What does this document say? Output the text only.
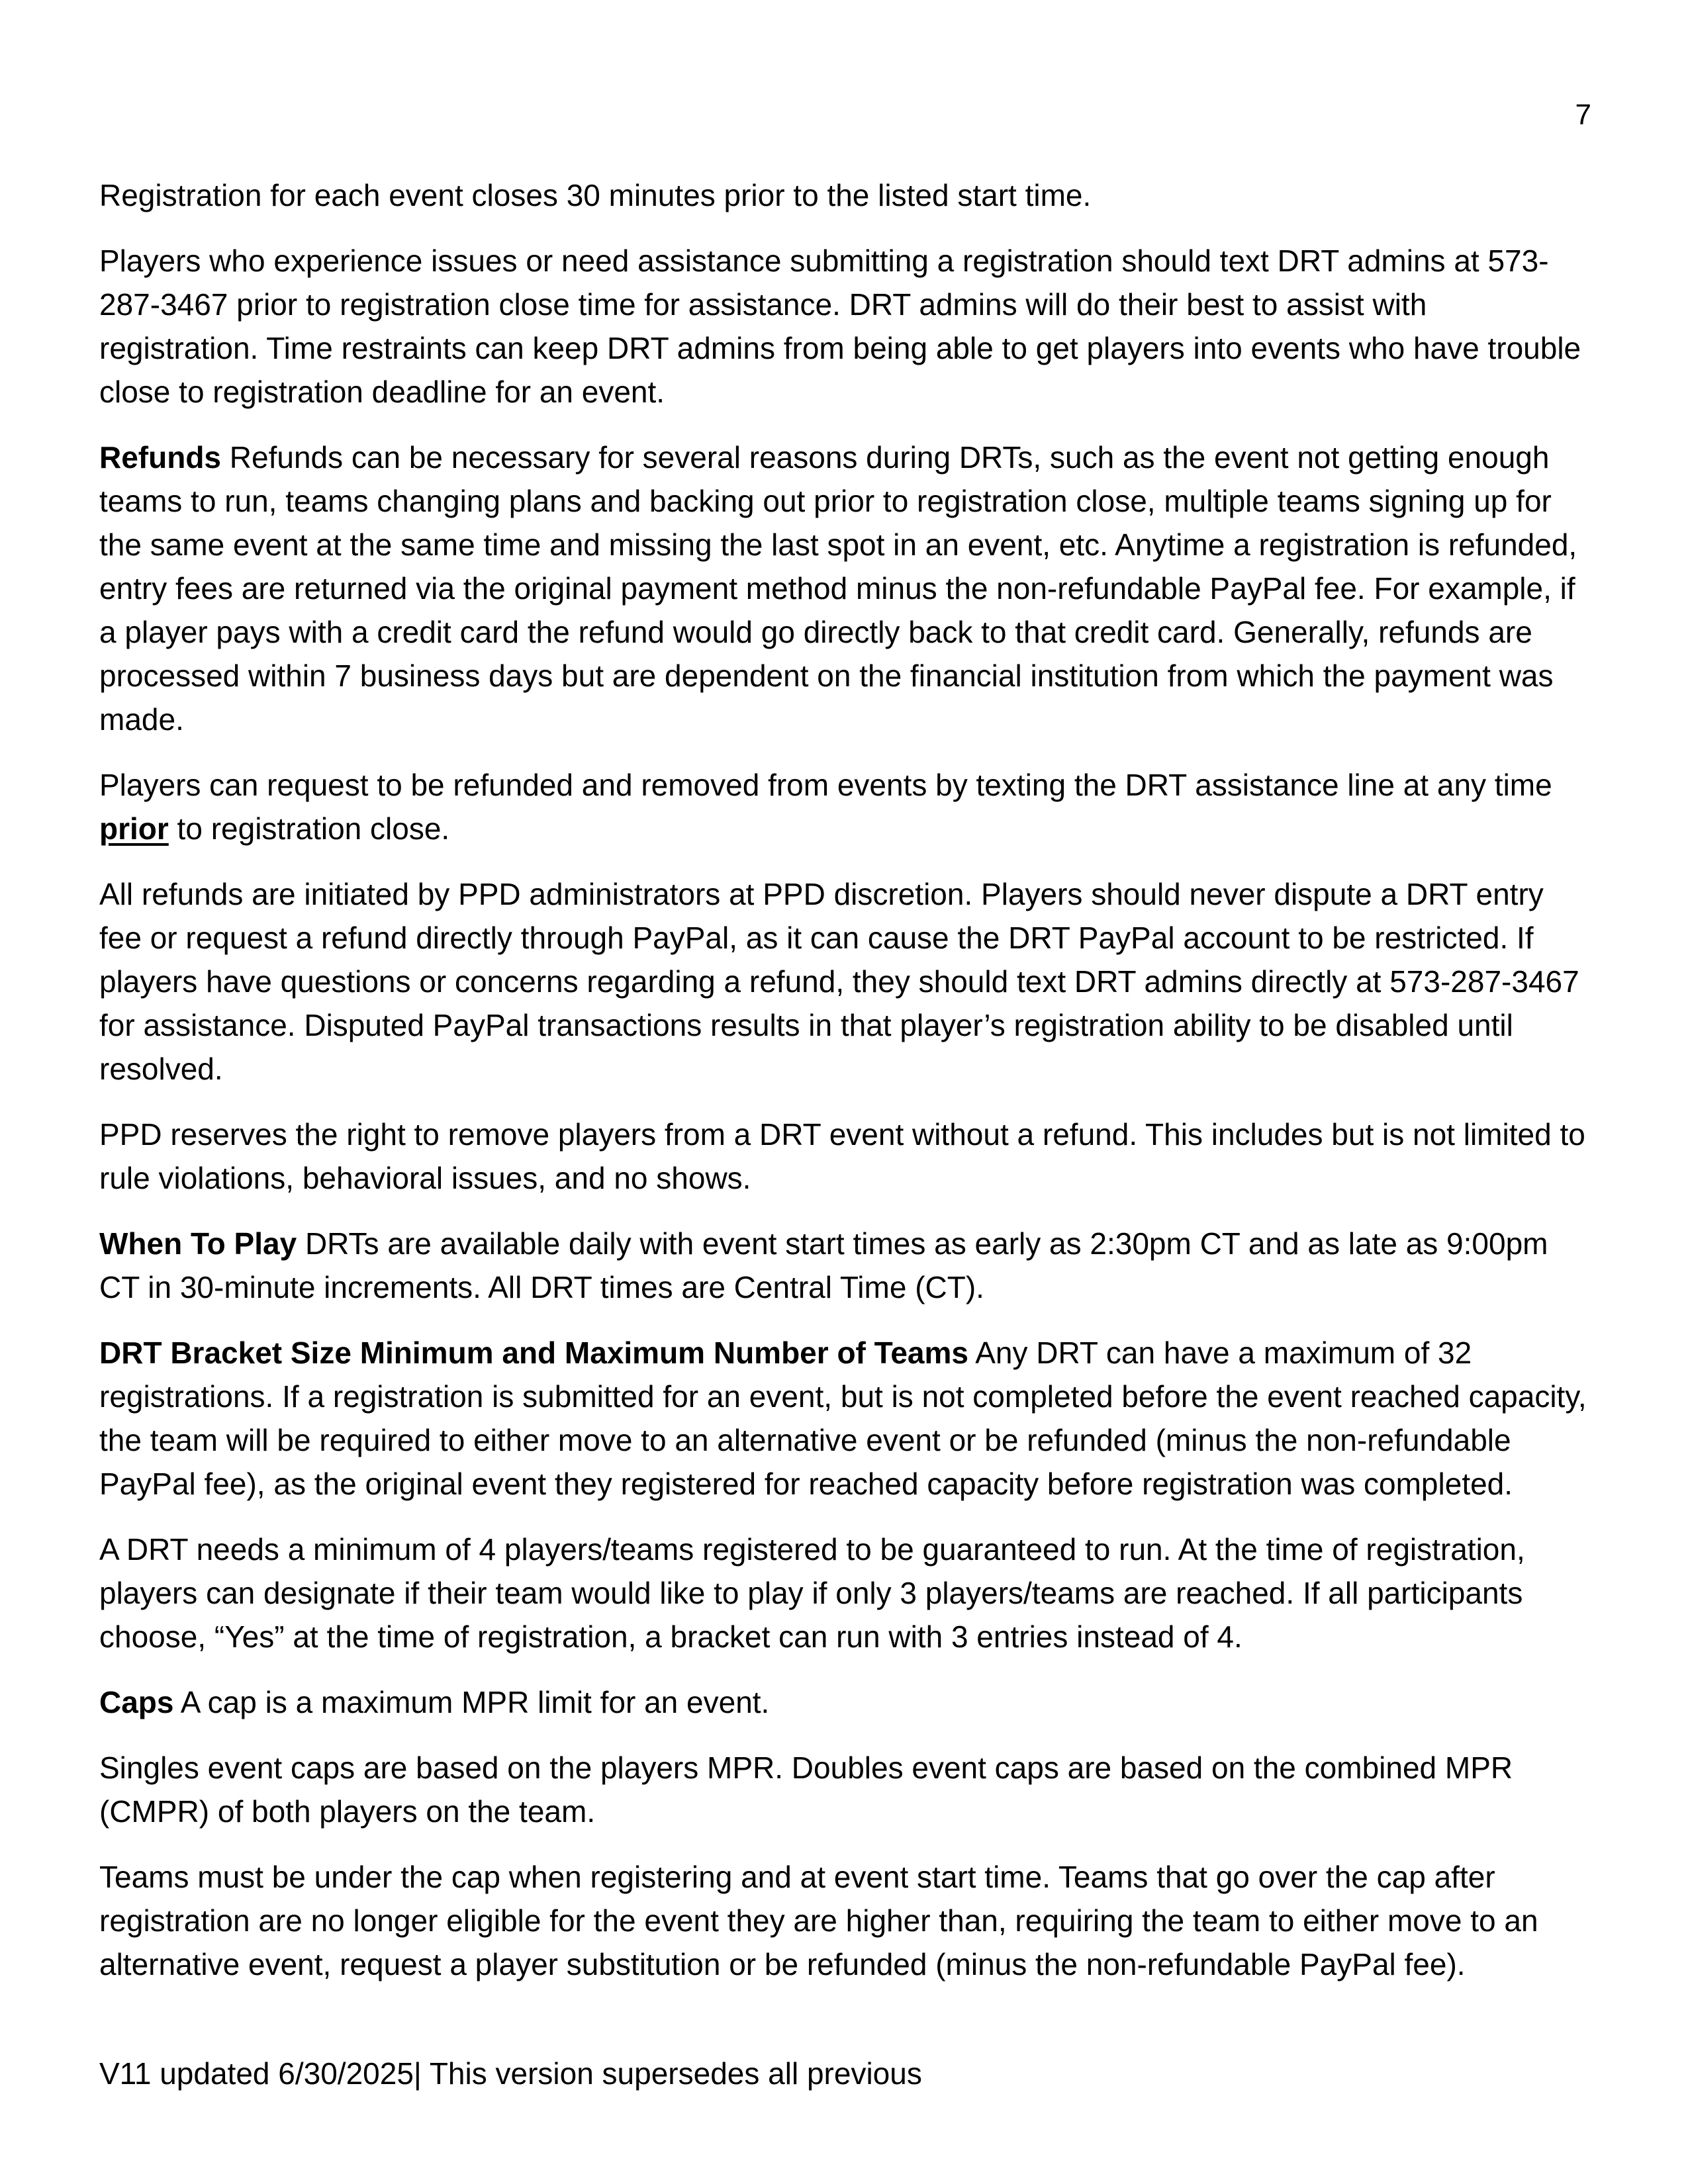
7

Registration for each event closes 30 minutes prior to the listed start time.

Players who experience issues or need assistance submitting a registration should text DRT admins at 573-287-3467 prior to registration close time for assistance. DRT admins will do their best to assist with registration. Time restraints can keep DRT admins from being able to get players into events who have trouble close to registration deadline for an event.

Refunds Refunds can be necessary for several reasons during DRTs, such as the event not getting enough teams to run, teams changing plans and backing out prior to registration close, multiple teams signing up for the same event at the same time and missing the last spot in an event, etc. Anytime a registration is refunded, entry fees are returned via the original payment method minus the non-refundable PayPal fee. For example, if a player pays with a credit card the refund would go directly back to that credit card. Generally, refunds are processed within 7 business days but are dependent on the financial institution from which the payment was made.

Players can request to be refunded and removed from events by texting the DRT assistance line at any time prior to registration close.

All refunds are initiated by PPD administrators at PPD discretion. Players should never dispute a DRT entry fee or request a refund directly through PayPal, as it can cause the DRT PayPal account to be restricted. If players have questions or concerns regarding a refund, they should text DRT admins directly at 573-287-3467 for assistance. Disputed PayPal transactions results in that player’s registration ability to be disabled until resolved.

PPD reserves the right to remove players from a DRT event without a refund. This includes but is not limited to rule violations, behavioral issues, and no shows.

When To Play DRTs are available daily with event start times as early as 2:30pm CT and as late as 9:00pm CT in 30-minute increments. All DRT times are Central Time (CT).

DRT Bracket Size Minimum and Maximum Number of Teams Any DRT can have a maximum of 32 registrations. If a registration is submitted for an event, but is not completed before the event reached capacity, the team will be required to either move to an alternative event or be refunded (minus the non-refundable PayPal fee), as the original event they registered for reached capacity before registration was completed.

A DRT needs a minimum of 4 players/teams registered to be guaranteed to run. At the time of registration, players can designate if their team would like to play if only 3 players/teams are reached. If all participants choose, “Yes” at the time of registration, a bracket can run with 3 entries instead of 4.

Caps A cap is a maximum MPR limit for an event.

Singles event caps are based on the players MPR. Doubles event caps are based on the combined MPR (CMPR) of both players on the team.

Teams must be under the cap when registering and at event start time. Teams that go over the cap after registration are no longer eligible for the event they are higher than, requiring the team to either move to an alternative event, request a player substitution or be refunded (minus the non-refundable PayPal fee).

V11 updated 6/30/2025| This version supersedes all previous
